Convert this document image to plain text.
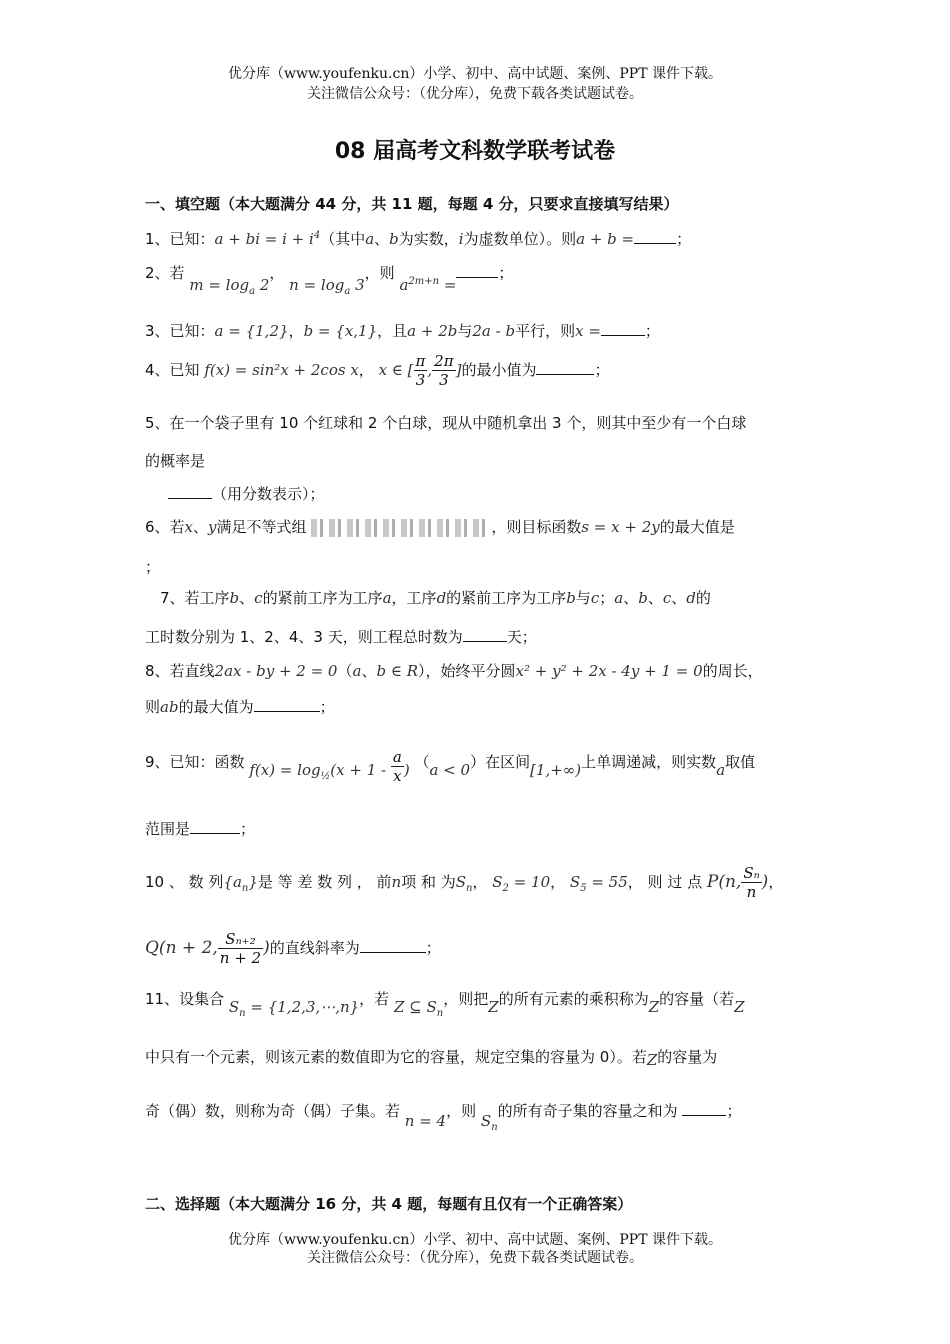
优分库（www.youfenku.cn）小学、初中、高中试题、案例、PPT 课件下载。
关注微信公众号：（优分库），免费下载各类试题试卷。
08 届高考文科数学联考试卷
一、填空题（本大题满分 44 分，共 11 题，每题 4 分，只要求直接填写结果）
1、已知：a + bi = $i + i^4$（其中a、b为实数，i为虚数单位）。则a + b =	；
2、若 $m = \log_a 2$， $n = \log_a 3$，则 $a^{2m+n}$ =；
3、已知：a = {1,2}，b = {x,1}，且a + 2b与2a - b平行，则x =	；
4、已知 f(x) = sin²x + 2cos x， x ∈ [ $\frac{\pi}{3}$ , $\frac{2\pi}{3}$ ]的最小值为	；
5、在一个袋子里有 10 个红球和 2 个白球，现从中随机拿出 3 个，则其中至少有一个白球
的概率是
（用分数表示）；
6、若x、y满足不等式组	，则目标函数s = x + 2y的最大值是
；
7、若工序b、c的紧前工序为工序a，工序d的紧前工序为工序b与c；a、b、c、d的
工时数分别为 1、2、4、3 天，则工程总时数为	天；
8、若直线2ax - by + 2 = 0（a、b ∈ R），始终平分圆x² + y² + 2x - 4y + 1 = 0的周长，
则ab的最大值为	；
9、已知：函数 $f(x) = \log_{\frac{1}{2}}(x + 1 - \frac{a}{x}$ ) （a < 0）在区间[1,+∞)上单调递减，则实数a取值
范围是	；
10 、 数 列$\{a_n\}$是 等 差 数 列 ， 前n项 和 为$S_n$， $S_2 = 10$， $S_5 = 55$， 则 过 点 P(n, $\frac{\text{Sₙ}}{n}$ )，
Q(n + 2, $\frac{\text{Sₙ₊₂}}{n + 2}$ )的直线斜率为	；
11、设集合 $S_n$ = {1,2,3,⋯,n}，若 Z ⊆ $S_n$，则把Z的所有元素的乘积称为Z的容量（若Z
中只有一个元素，则该元素的数值即为它的容量，规定空集的容量为 0）。若Z的容量为
奇（偶）数，则称为奇（偶）子集。若 n = 4，则 $S_n$的所有奇子集的容量之和为	；
二、选择题（本大题满分 16 分，共 4 题，每题有且仅有一个正确答案）
优分库（www.youfenku.cn）小学、初中、高中试题、案例、PPT 课件下载。
关注微信公众号：（优分库），免费下载各类试题试卷。
